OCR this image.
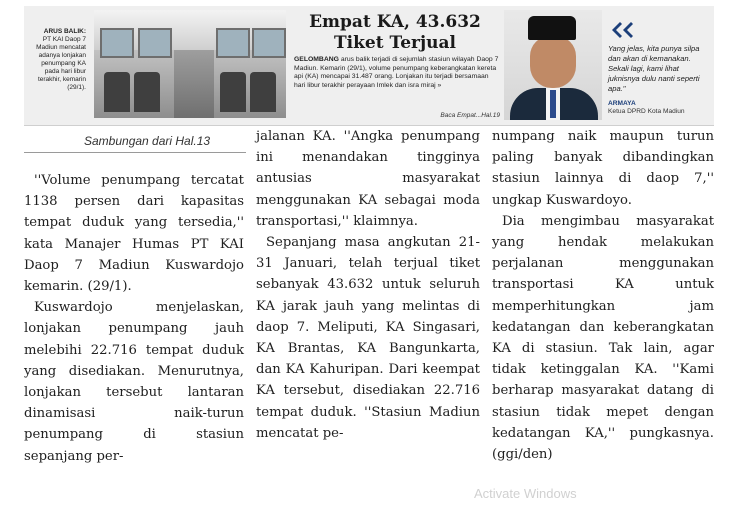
ARUS BALIK:
PT KAI Daop 7 Madiun mencatat adanya lonjakan penumpang KA pada hari libur terakhir, kemarin (29/1).
Empat KA, 43.632 Tiket Terjual
GELOMBANG arus balik terjadi di sejumlah stasiun wilayah Daop 7 Madiun. Kemarin (29/1), volume penumpang keberangkatan kereta api (KA) mencapai 31.487 orang. Lonjakan itu terjadi bersamaan hari libur terakhir perayaan Imlek dan isra miraj »
Baca Empat...Hal.19
Yang jelas, kita punya silpa dan akan di kemanakan. Sekali lagi, kami lihat juknisnya dulu nanti seperti apa."
ARMAYA
Ketua DPRD Kota Madiun
Sambungan dari Hal.13

''Volume penumpang tercatat 1138 persen dari kapasitas tempat duduk yang tersedia,'' kata Manajer Humas PT KAI Daop 7 Madiun Kuswardojo kemarin. (29/1).

Kuswardojo menjelaskan, lonjakan penumpang jauh melebihi 22.716 tempat duduk yang disediakan. Menurutnya, lonjakan tersebut lantaran dinamisasi naik-turun penumpang di stasiun sepanjang per-

jalanan KA. ''Angka penumpang ini menandakan tingginya antusias masyarakat menggunakan KA sebagai moda transportasi,'' klaimnya.

Sepanjang masa angkutan 21-31 Januari, telah terjual tiket sebanyak 43.632 untuk seluruh KA jarak jauh yang melintas di daop 7. Meliputi, KA Singasari, KA Brantas, KA Bangunkarta, dan KA Kahuripan. Dari keempat KA tersebut, disediakan 22.716 tempat duduk. ''Stasiun Madiun mencatat pe-

numpang naik maupun turun paling banyak dibandingkan stasiun lainnya di daop 7,'' ungkap Kuswardoyo.

Dia mengimbau masyarakat yang hendak melakukan perjalanan menggunakan transportasi KA untuk memperhitungkan jam kedatangan dan keberangkatan KA di stasiun. Tak lain, agar tidak ketinggalan KA. ''Kami berharap masyarakat datang di stasiun tidak mepet dengan kedatangan KA,'' pungkasnya. (ggi/den)

Activate Windows
